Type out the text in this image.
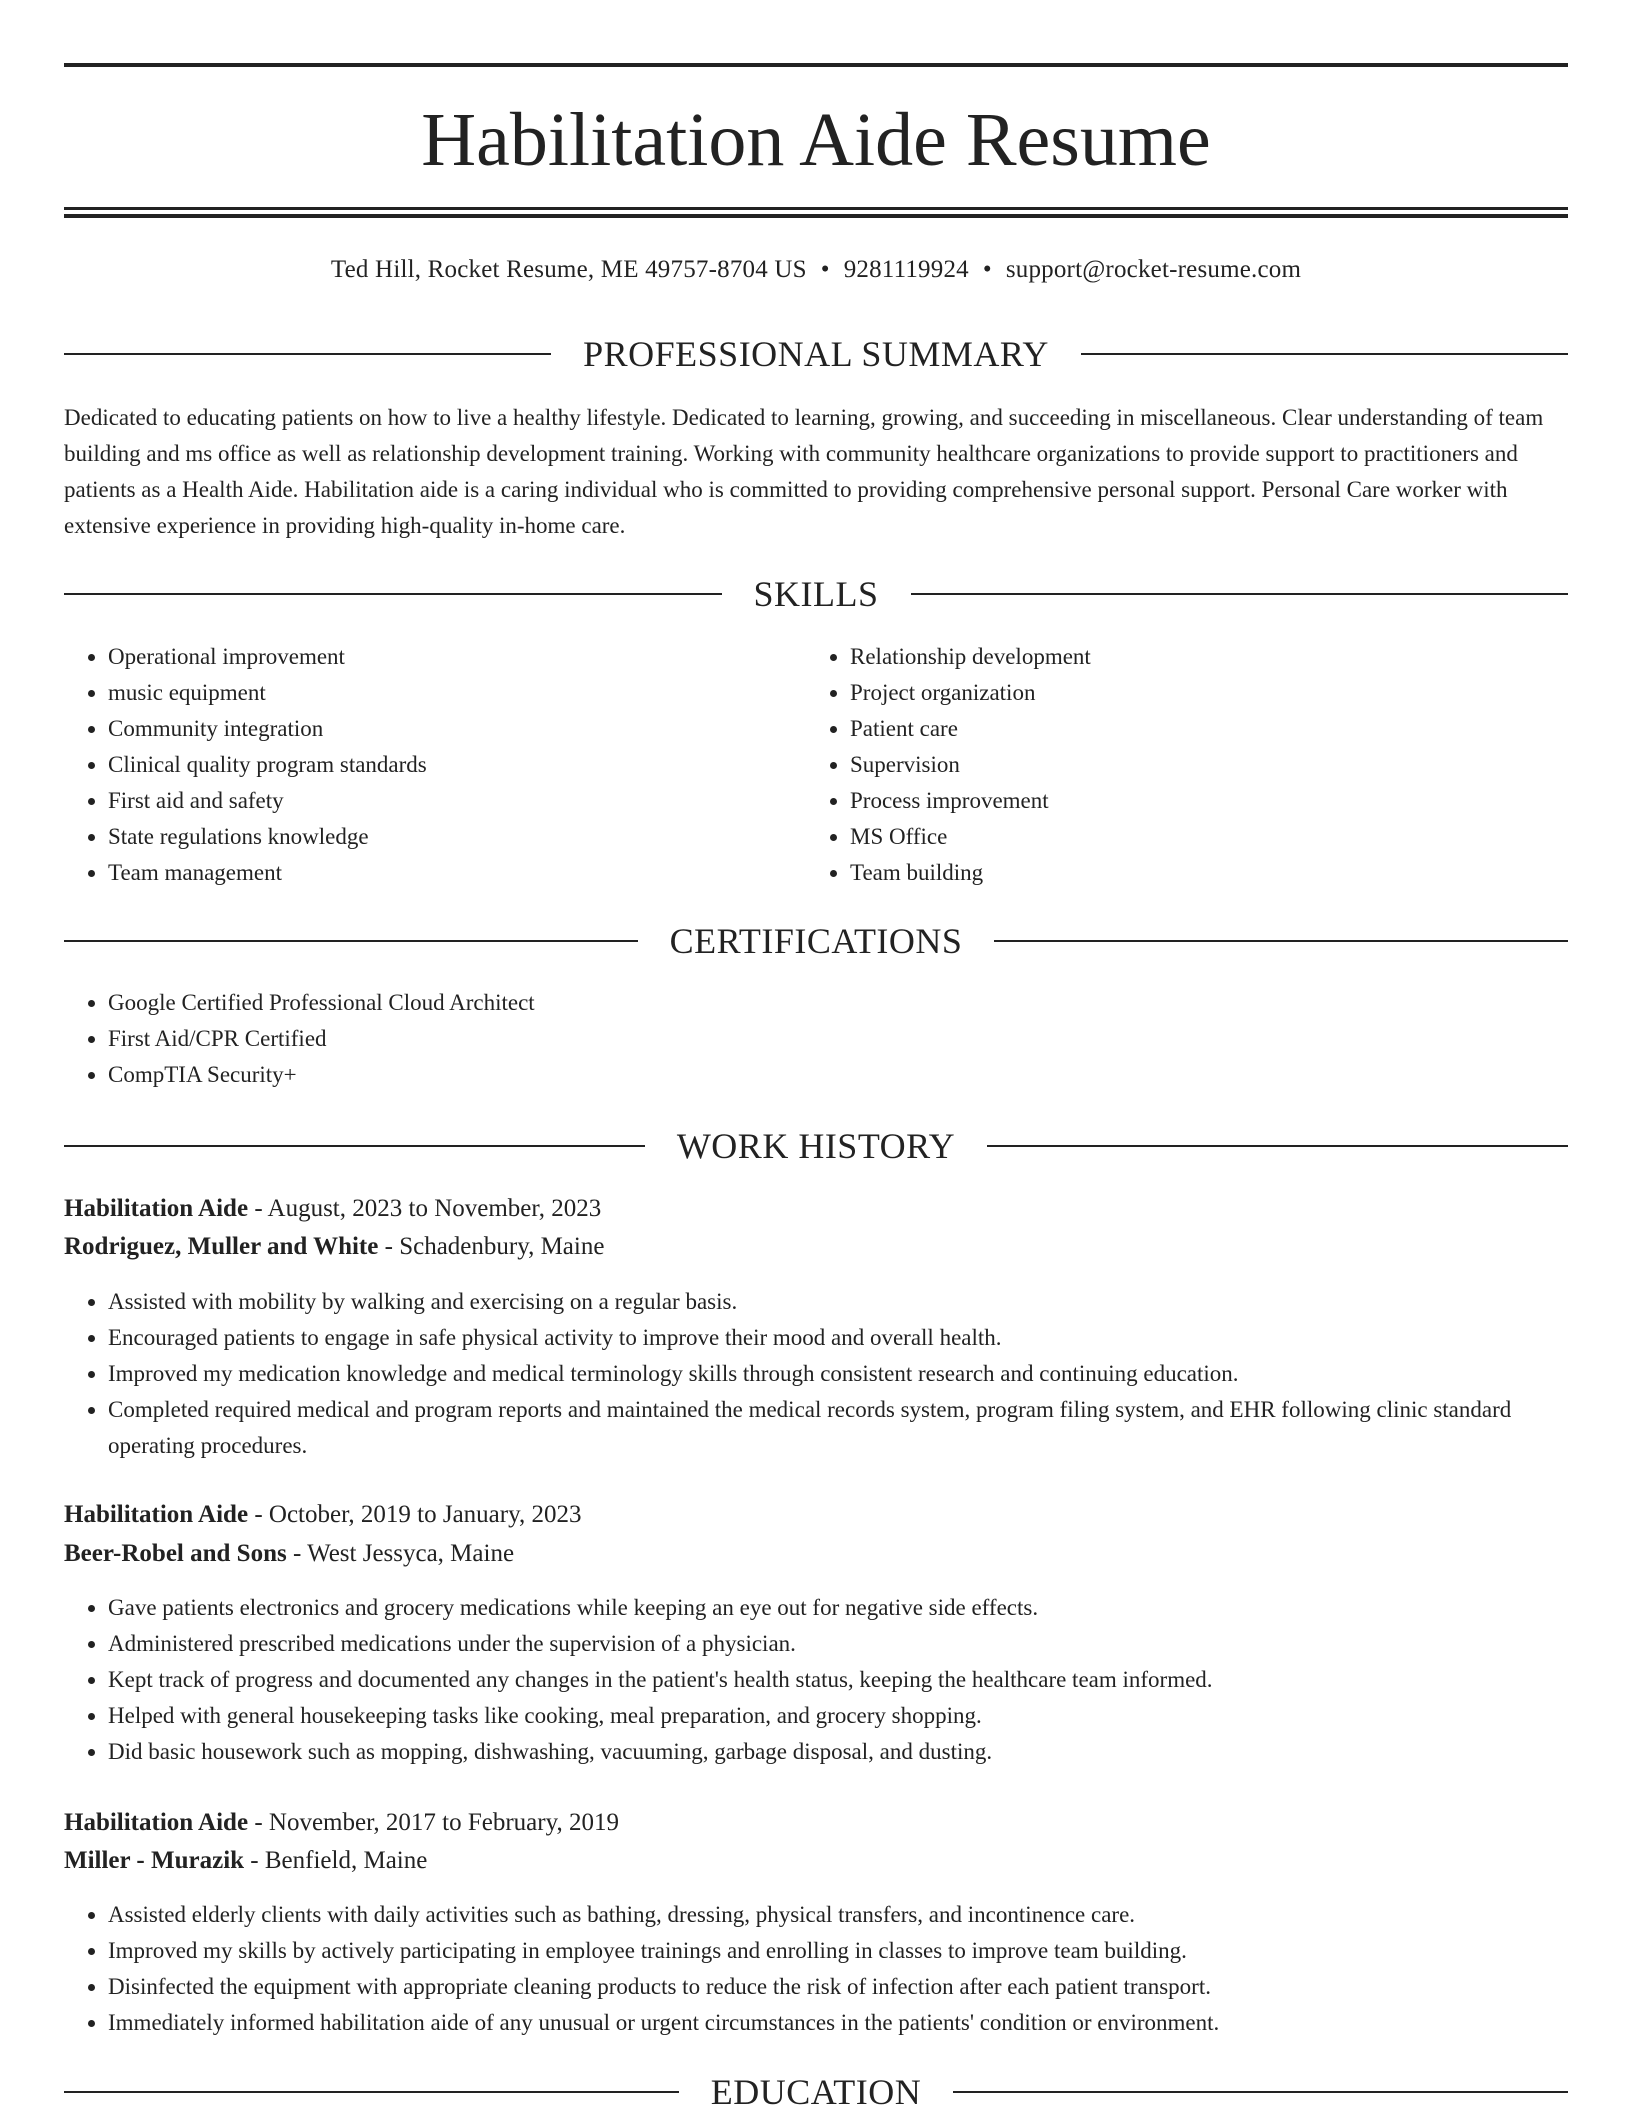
Habilitation Aide Resume
Ted Hill, Rocket Resume, ME 49757-8704 US • 9281119924 • support@rocket-resume.com
PROFESSIONAL SUMMARY

Dedicated to educating patients on how to live a healthy lifestyle. Dedicated to learning, growing, and succeeding in miscellaneous. Clear understanding of team building and ms office as well as relationship development training. Working with community healthcare organizations to provide support to practitioners and patients as a Health Aide. Habilitation aide is a caring individual who is committed to providing comprehensive personal support. Personal Care worker with extensive experience in providing high-quality in-home care.

SKILLS
• Operational improvement
• music equipment
• Community integration
• Clinical quality program standards
• First aid and safety
• State regulations knowledge
• Team management
• Relationship development
• Project organization
• Patient care
• Supervision
• Process improvement
• MS Office
• Team building
CERTIFICATIONS
• Google Certified Professional Cloud Architect
• First Aid/CPR Certified
• CompTIA Security+
WORK HISTORY
Habilitation Aide - August, 2023 to November, 2023
Rodriguez, Muller and White - Schadenbury, Maine
• Assisted with mobility by walking and exercising on a regular basis.
• Encouraged patients to engage in safe physical activity to improve their mood and overall health.
• Improved my medication knowledge and medical terminology skills through consistent research and continuing education.
• Completed required medical and program reports and maintained the medical records system, program filing system, and EHR following clinic standard operating procedures.
Habilitation Aide - October, 2019 to January, 2023
Beer-Robel and Sons - West Jessyca, Maine
• Gave patients electronics and grocery medications while keeping an eye out for negative side effects.
• Administered prescribed medications under the supervision of a physician.
• Kept track of progress and documented any changes in the patient's health status, keeping the healthcare team informed.
• Helped with general housekeeping tasks like cooking, meal preparation, and grocery shopping.
• Did basic housework such as mopping, dishwashing, vacuuming, garbage disposal, and dusting.
Habilitation Aide - November, 2017 to February, 2019
Miller - Murazik - Benfield, Maine
• Assisted elderly clients with daily activities such as bathing, dressing, physical transfers, and incontinence care.
• Improved my skills by actively participating in employee trainings and enrolling in classes to improve team building.
• Disinfected the equipment with appropriate cleaning products to reduce the risk of infection after each patient transport.
• Immediately informed habilitation aide of any unusual or urgent circumstances in the patients' condition or environment.
EDUCATION
